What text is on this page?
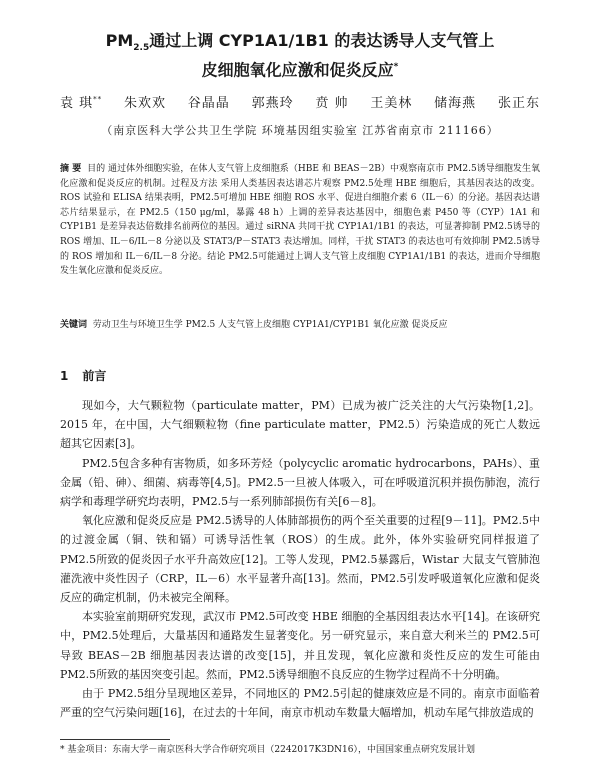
$PM_{2.5}$通过上调 CYP1A1/1B1 的表达诱导人支气管上
皮细胞氧化应激和促炎反应*
袁 琪** 朱欢欢 谷晶晶 郭燕玲 贲 帅 王美林 储海燕 张正东
（南京医科大学公共卫生学院 环境基因组实验室 江苏省南京市 211166）
摘 要 目的 通过体外细胞实验，在体人支气管上皮细胞系（HBE 和 BEAS－2B）中观察南京市 PM2.5诱导细胞发生氧化应激和促炎反应的机制。过程及方法 采用人类基因表达谱芯片观察 PM2.5处理 HBE 细胞后，其基因表达的改变。ROS 试验和 ELISA 结果表明，PM2.5可增加 HBE 细胞 ROS 水平、促进白细胞介素 6（IL－6）的分泌。基因表达谱芯片结果显示，在 PM2.5（150 μg/ml，暴露 48 h）上调的差异表达基因中，细胞色素 P450 等（CYP）1A1 和 CYP1B1 是差异表达倍数排名前两位的基因。通过 siRNA 共同干扰 CYP1A1/1B1 的表达，可显著抑制 PM2.5诱导的 ROS 增加、IL－6/IL－8 分泌以及 STAT3/P－STAT3 表达增加。同样，干扰 STAT3 的表达也可有效抑制 PM2.5诱导的 ROS 增加和 IL－6/IL－8 分泌。结论 PM2.5可能通过上调人支气管上皮细胞 CYP1A1/1B1 的表达，进而介导细胞发生氧化应激和促炎反应。
关键词 劳动卫生与环境卫生学 PM2.5 人支气管上皮细胞 CYP1A1/CYP1B1 氧化应激 促炎反应
1 前言

现如今，大气颗粒物（particulate matter，PM）已成为被广泛关注的大气污染物[1,2]。2015 年，在中国，大气细颗粒物（fine particulate matter，PM2.5）污染造成的死亡人数远超其它因素[3]。

PM2.5包含多种有害物质，如多环芳烃（polycyclic aromatic hydrocarbons，PAHs）、重金属（铅、砷）、细菌、病毒等[4,5]。PM2.5一旦被人体吸入，可在呼吸道沉积并损伤肺泡，流行病学和毒理学研究均表明，PM2.5与一系列肺部损伤有关[6－8]。

氧化应激和促炎反应是 PM2.5诱导的人体肺部损伤的两个至关重要的过程[9－11]。PM2.5中的过渡金属（铜、铁和镉）可诱导活性氧（ROS）的生成。此外，体外实验研究同样报道了 PM2.5所致的促炎因子水平升高效应[12]。工等人发现，PM2.5暴露后，Wistar 大鼠支气管肺泡灌洗液中炎性因子（CRP，IL－6）水平显著升高[13]。然而，PM2.5引发呼吸道氧化应激和促炎反应的确定机制，仍未被完全阐释。

本实验室前期研究发现，武汉市 PM2.5可改变 HBE 细胞的全基因组表达水平[14]。在该研究中，PM2.5处理后，大量基因和通路发生显著变化。另一研究显示，来自意大利米兰的 PM2.5可导致 BEAS－2B 细胞基因表达谱的改变[15]，并且发现，氧化应激和炎性反应的发生可能由 PM2.5所致的基因突变引起。然而，PM2.5诱导细胞不良反应的生物学过程尚不十分明确。

由于 PM2.5组分呈现地区差异，不同地区的 PM2.5引起的健康效应是不同的。南京市面临着严重的空气污染问题[16]，在过去的十年间，南京市机动车数量大幅增加，机动车尾气排放造成的

* 基金项目：东南大学－南京医科大学合作研究项目（2242017K3DN16），中国国家重点研究发展计划
